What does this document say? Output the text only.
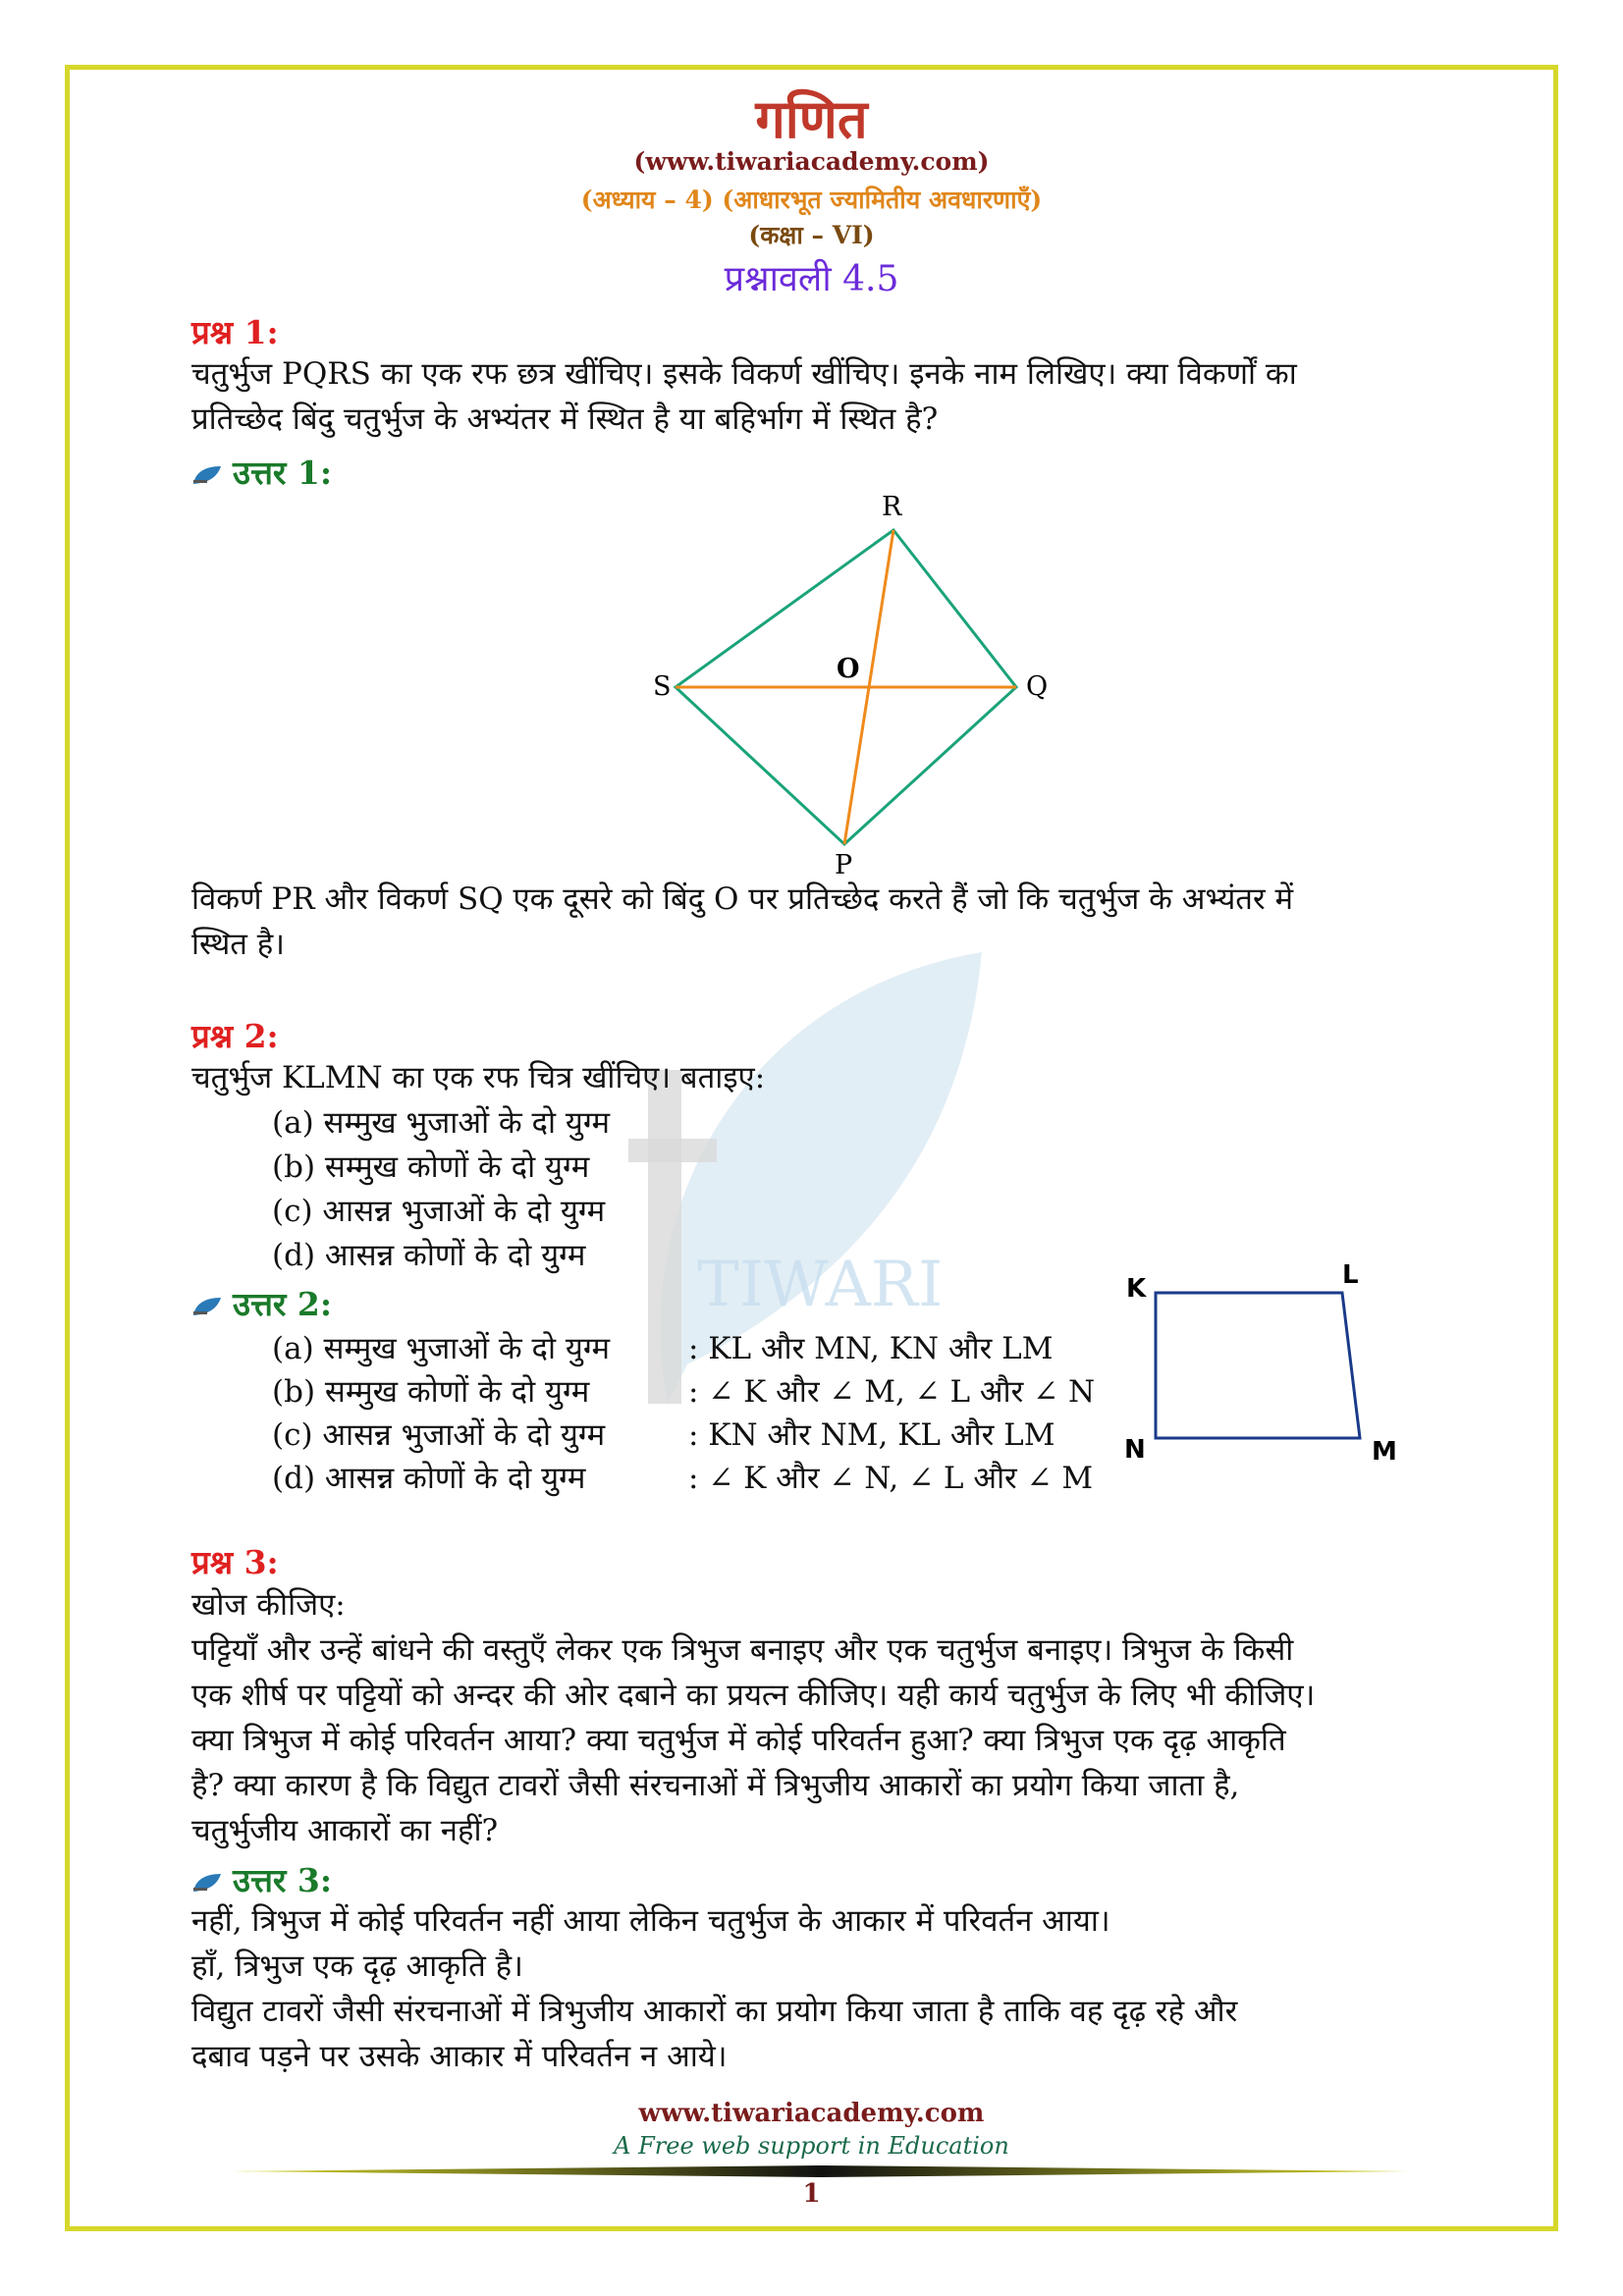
TIWARI
गणित
(www.tiwariacademy.com)
(अध्याय – 4) (आधारभूत ज्यामितीय अवधारणाएँ)
(कक्षा – VI)
प्रश्नावली 4.5
प्रश्न 1:
चतुर्भुज PQRS का एक रफ छत्र खींचिए। इसके विकर्ण खींचिए। इनके नाम लिखिए। क्या विकर्णों का
प्रतिच्छेद बिंदु चतुर्भुज के अभ्यंतर में स्थित है या बहिर्भाग में स्थित है?
उत्तर 1:
R
S	Q
P
O
विकर्ण PR और विकर्ण SQ एक दूसरे को बिंदु O पर प्रतिच्छेद करते हैं जो कि चतुर्भुज के अभ्यंतर में
स्थित है।
प्रश्न 2:
चतुर्भुज KLMN का एक रफ चित्र खींचिए। बताइए:
(a) सम्मुख भुजाओं के दो युग्म
(b) सम्मुख कोणों के दो युग्म
(c) आसन्न भुजाओं के दो युग्म
(d) आसन्न कोणों के दो युग्म
उत्तर 2:
(a) सम्मुख भुजाओं के दो युग्म	: KL और MN, KN और LM
(b) सम्मुख कोणों के दो युग्म	: ∠ K और ∠ M, ∠ L और ∠ N
(c) आसन्न भुजाओं के दो युग्म	: KN और NM, KL और LM
(d) आसन्न कोणों के दो युग्म	: ∠ K और ∠ N, ∠ L और ∠ M
K	L
N	M
प्रश्न 3:
खोज कीजिए:
पट्टियाँ और उन्हें बांधने की वस्तुएँ लेकर एक त्रिभुज बनाइए और एक चतुर्भुज बनाइए। त्रिभुज के किसी
एक शीर्ष पर पट्टियों को अन्दर की ओर दबाने का प्रयत्न कीजिए। यही कार्य चतुर्भुज के लिए भी कीजिए।
क्या त्रिभुज में कोई परिवर्तन आया? क्या चतुर्भुज में कोई परिवर्तन हुआ? क्या त्रिभुज एक दृढ़ आकृति
है? क्या कारण है कि विद्युत टावरों जैसी संरचनाओं में त्रिभुजीय आकारों का प्रयोग किया जाता है,
चतुर्भुजीय आकारों का नहीं?
उत्तर 3:
नहीं, त्रिभुज में कोई परिवर्तन नहीं आया लेकिन चतुर्भुज के आकार में परिवर्तन आया।
हाँ, त्रिभुज एक दृढ़ आकृति है।
विद्युत टावरों जैसी संरचनाओं में त्रिभुजीय आकारों का प्रयोग किया जाता है ताकि वह दृढ़ रहे और
दबाव पड़ने पर उसके आकार में परिवर्तन न आये।
www.tiwariacademy.com
A Free web support in Education
1
